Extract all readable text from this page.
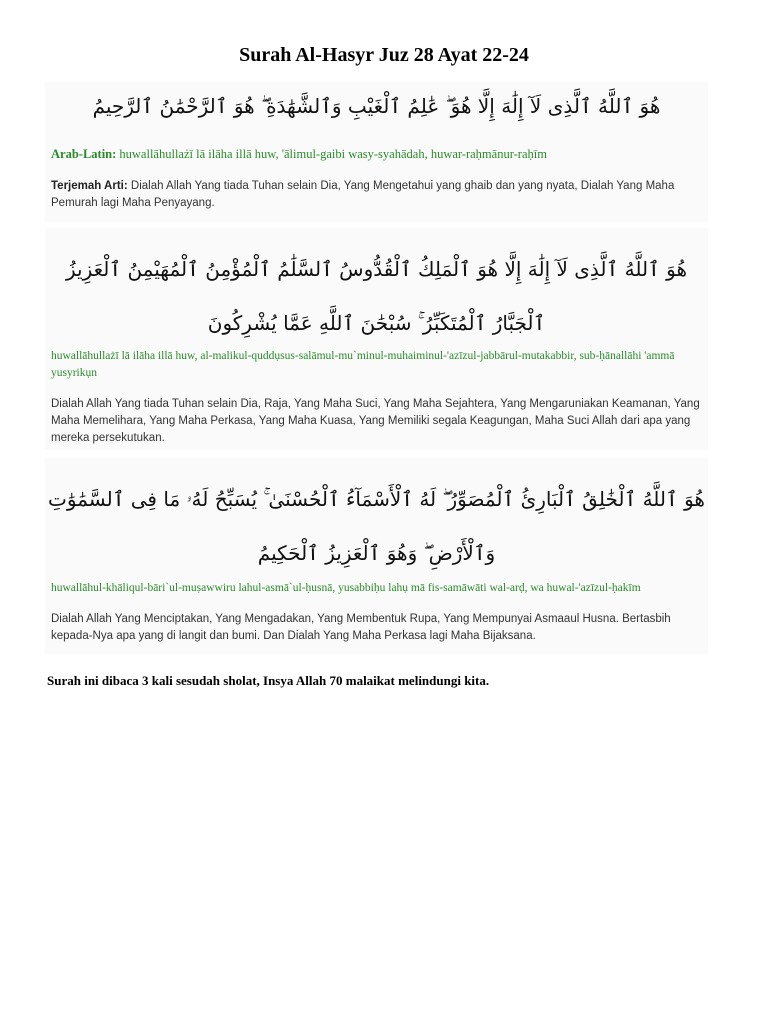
Surah Al-Hasyr Juz 28 Ayat 22-24
هُوَ ٱللَّهُ ٱلَّذِى لَآ إِلَٰهَ إِلَّا هُوَ ۖ عَٰلِمُ ٱلْغَيْبِ وَٱلشَّهَٰدَةِ ۖ هُوَ ٱلرَّحْمَٰنُ ٱلرَّحِيمُ
Arab-Latin: huwallāhullażī lā ilāha illā huw, 'ālimul-gaibi wasy-syahādah, huwar-raḥmānur-raḥīm
Terjemah Arti: Dialah Allah Yang tiada Tuhan selain Dia, Yang Mengetahui yang ghaib dan yang nyata, Dialah Yang Maha Pemurah lagi Maha Penyayang.
هُوَ ٱللَّهُ ٱلَّذِى لَآ إِلَٰهَ إِلَّا هُوَ ٱلْمَلِكُ ٱلْقُدُّوسُ ٱلسَّلَٰمُ ٱلْمُؤْمِنُ ٱلْمُهَيْمِنُ ٱلْعَزِيزُ ٱلْجَبَّارُ ٱلْمُتَكَبِّرُ ۚ سُبْحَٰنَ ٱللَّهِ عَمَّا يُشْرِكُونَ
huwallāhullażī lā ilāha illā huw, al-malikul-quddụsus-salāmul-mu`minul-muhaiminul-'azīzul-jabbārul-mutakabbir, sub-ḥānallāhi 'ammā yusyrikụn
Dialah Allah Yang tiada Tuhan selain Dia, Raja, Yang Maha Suci, Yang Maha Sejahtera, Yang Mengaruniakan Keamanan, Yang Maha Memelihara, Yang Maha Perkasa, Yang Maha Kuasa, Yang Memiliki segala Keagungan, Maha Suci Allah dari apa yang mereka persekutukan.
هُوَ ٱللَّهُ ٱلْخَٰلِقُ ٱلْبَارِئُ ٱلْمُصَوِّرُ ۖ لَهُ ٱلْأَسْمَآءُ ٱلْحُسْنَىٰ ۚ يُسَبِّحُ لَهُۥ مَا فِى ٱلسَّمَٰوَٰتِ وَٱلْأَرْضِ ۖ وَهُوَ ٱلْعَزِيزُ ٱلْحَكِيمُ
huwallāhul-khāliqul-bāri`ul-muṣawwiru lahul-asmā`ul-ḥusnā, yusabbiḥu lahụ mā fis-samāwāti wal-arḍ, wa huwal-'azīzul-ḥakīm
Dialah Allah Yang Menciptakan, Yang Mengadakan, Yang Membentuk Rupa, Yang Mempunyai Asmaaul Husna. Bertasbih kepada-Nya apa yang di langit dan bumi. Dan Dialah Yang Maha Perkasa lagi Maha Bijaksana.
Surah ini dibaca 3 kali sesudah sholat, Insya Allah 70 malaikat melindungi kita.
